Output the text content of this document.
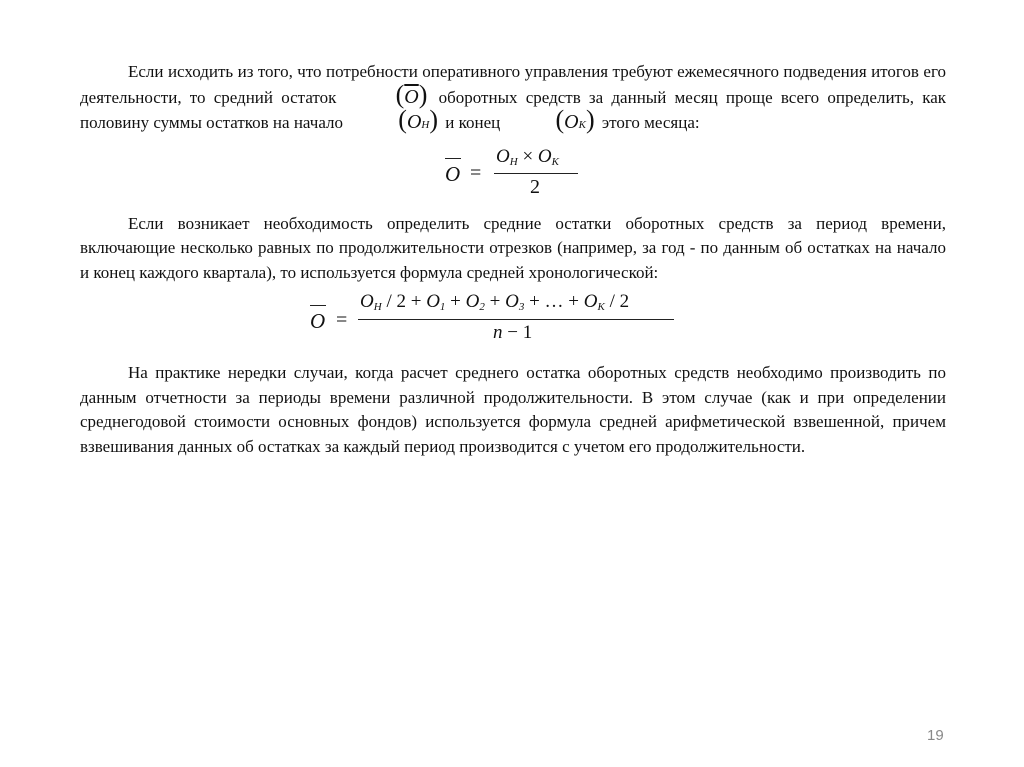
Если исходить из того, что потребности оперативного управления требуют ежемесячного подведения итогов его деятельности, то средний остаток $(\overline{O})$ оборотных средств за данный месяц проще всего определить, как половину суммы остатков на начало (OН) и конец (OК) этого месяца:

O =
OН × OК
2

Если возникает необходимость определить средние остатки оборотных средств за период времени, включающие несколько равных по продолжительности отрезков (например, за год - по данным об остатках на начало и конец каждого квартала), то используется формула средней хронологической:

O =
OН / 2 + O1 + O2 + O3 + … + OК / 2
n − 1

На практике нередки случаи, когда расчет среднего остатка оборотных средств необходимо производить по данным отчетности за периоды времени различной продолжительности. В этом случае (как и при определении среднегодовой стоимости основных фондов) используется формула средней арифметической взвешенной, причем взвешивания данных об остатках за каждый период производится с учетом его продолжительности.

19
